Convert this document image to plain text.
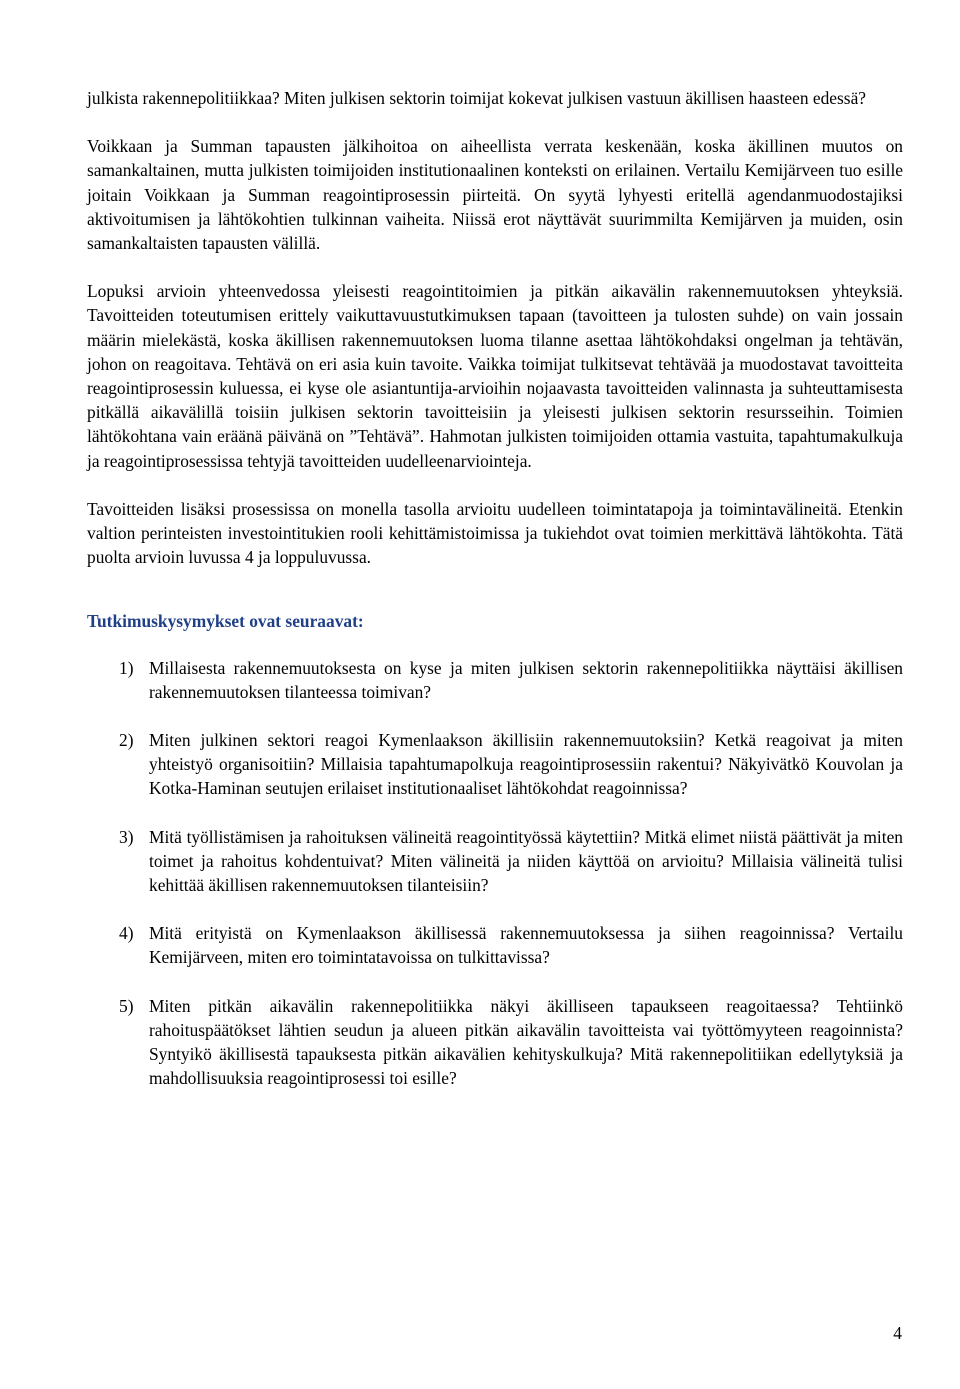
julkista rakennepolitiikkaa? Miten julkisen sektorin toimijat kokevat julkisen vastuun äkillisen haasteen edessä?

Voikkaan ja Summan tapausten jälkihoitoa on aiheellista verrata keskenään, koska äkillinen muutos on samankaltainen, mutta julkisten toimijoiden institutionaalinen konteksti on erilainen. Vertailu Kemijärveen tuo esille joitain Voikkaan ja Summan reagointiprosessin piirteitä. On syytä lyhyesti eritellä agendanmuodostajiksi aktivoitumisen ja lähtökohtien tulkinnan vaiheita. Niissä erot näyttävät suurimmilta Kemijärven ja muiden, osin samankaltaisten tapausten välillä.

Lopuksi arvioin yhteenvedossa yleisesti reagointitoimien ja pitkän aikavälin rakennemuutoksen yhteyksiä. Tavoitteiden toteutumisen erittely vaikuttavuustutkimuksen tapaan (tavoitteen ja tulosten suhde) on vain jossain määrin mielekästä, koska äkillisen rakennemuutoksen luoma tilanne asettaa lähtökohdaksi ongelman ja tehtävän, johon on reagoitava. Tehtävä on eri asia kuin tavoite. Vaikka toimijat tulkitsevat tehtävää ja muodostavat tavoitteita reagointiprosessin kuluessa, ei kyse ole asiantuntija-arvioihin nojaavasta tavoitteiden valinnasta ja suhteuttamisesta pitkällä aikavälillä toisiin julkisen sektorin tavoitteisiin ja yleisesti julkisen sektorin resursseihin. Toimien lähtökohtana vain eräänä päivänä on ”Tehtävä”. Hahmotan julkisten toimijoiden ottamia vastuita, tapahtumakulkuja ja reagointiprosessissa tehtyjä tavoitteiden uudelleenarviointeja.

Tavoitteiden lisäksi prosessissa on monella tasolla arvioitu uudelleen toimintatapoja ja toimintavälineitä. Etenkin valtion perinteisten investointitukien rooli kehittämistoimissa ja tukiehdot ovat toimien merkittävä lähtökohta. Tätä puolta arvioin luvussa 4 ja loppuluvussa.

Tutkimuskysymykset ovat seuraavat:
1) Millaisesta rakennemuutoksesta on kyse ja miten julkisen sektorin rakennepolitiikka näyttäisi äkillisen rakennemuutoksen tilanteessa toimivan?
2) Miten julkinen sektori reagoi Kymenlaakson äkillisiin rakennemuutoksiin? Ketkä reagoivat ja miten yhteistyö organisoitiin? Millaisia tapahtumapolkuja reagointiprosessiin rakentui? Näkyivätkö Kouvolan ja Kotka-Haminan seutujen erilaiset institutionaaliset lähtökohdat reagoinnissa?
3) Mitä työllistämisen ja rahoituksen välineitä reagointityössä käytettiin? Mitkä elimet niistä päättivät ja miten toimet ja rahoitus kohdentuivat? Miten välineitä ja niiden käyttöä on arvioitu? Millaisia välineitä tulisi kehittää äkillisen rakennemuutoksen tilanteisiin?
4) Mitä erityistä on Kymenlaakson äkillisessä rakennemuutoksessa ja siihen reagoinnissa? Vertailu Kemijärveen, miten ero toimintatavoissa on tulkittavissa?
5) Miten pitkän aikavälin rakennepolitiikka näkyi äkilliseen tapaukseen reagoitaessa? Tehtiinkö rahoituspäätökset lähtien seudun ja alueen pitkän aikavälin tavoitteista vai työttömyyteen reagoinnista? Syntyikö äkillisestä tapauksesta pitkän aikavälien kehityskulkuja? Mitä rakennepolitiikan edellytyksiä ja mahdollisuuksia reagointiprosessi toi esille?
4
